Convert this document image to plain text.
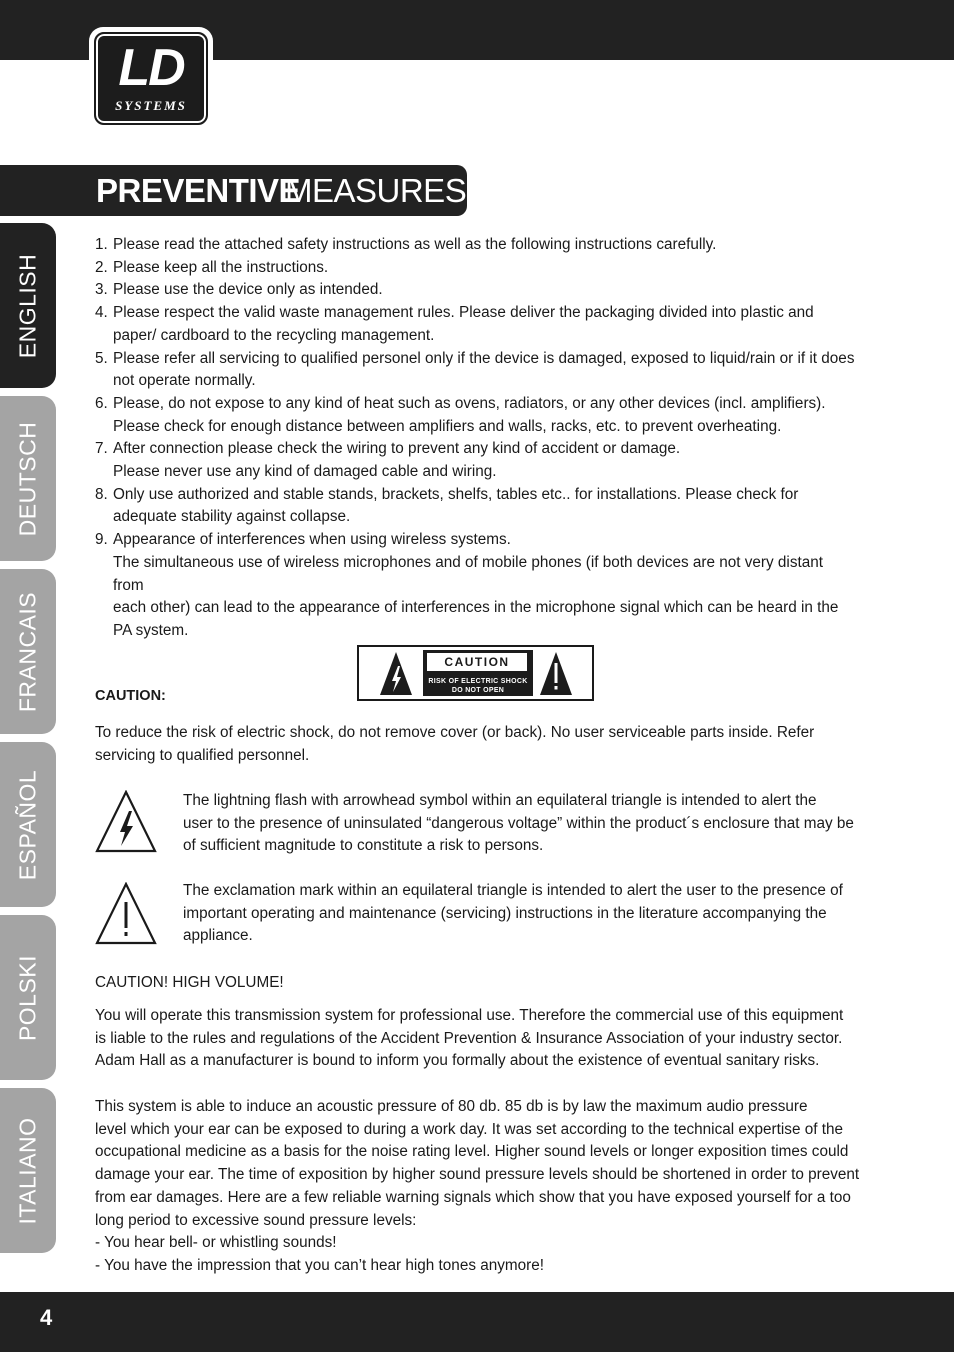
LD
SYSTEMS
PREVENTIVE
MEASURES:
ENGLISH
DEUTSCH
FRANCAIS
ESPAÑOL
POLSKI
ITALIANO
1. Please read the attached safety instructions as well as the following instructions carefully.
2. Please keep all the instructions.
3. Please use the device only as intended.
4. Please respect the valid waste management rules. Please deliver the packaging divided into plastic and
paper/ cardboard to the recycling management.
5. Please refer all servicing to qualified personel only if the device is damaged, exposed to liquid/rain or if it does
not operate normally.
6. Please, do not expose to any kind of heat such as ovens, radiators, or any other devices (incl. amplifiers).
Please check for enough distance between amplifiers and walls, racks, etc. to prevent overheating.
7. After connection please check the wiring to prevent any kind of accident or damage.
Please never use any kind of damaged cable and wiring.
8. Only use authorized and stable stands, brackets, shelfs, tables etc.. for installations. Please check for
adequate stability against collapse.
9. Appearance of interferences when using wireless systems.
The simultaneous use of wireless microphones and of mobile phones (if both devices are not very distant from
each other) can lead to the appearance of interferences in the microphone signal which can be heard in the
PA system.
CAUTION
RISK OF ELECTRIC SHOCK
DO NOT OPEN
CAUTION:
To reduce the risk of electric shock, do not remove cover (or back). No user serviceable parts inside. Refer
servicing to qualified personnel.
The lightning flash with arrowhead symbol within an equilateral triangle is intended to alert the
user to the presence of uninsulated “dangerous voltage” within the product´s enclosure that may be
of sufficient magnitude to constitute a risk to persons.
The exclamation mark within an equilateral triangle is intended to alert the user to the presence of
important operating and maintenance (servicing) instructions in the literature accompanying the
appliance.
CAUTION! HIGH VOLUME!
You will operate this transmission system for professional use. Therefore the commercial use of this equipment
is liable to the rules and regulations of the Accident Prevention & Insurance Association of your industry sector.
Adam Hall as a manufacturer is bound to inform you formally about the existence of eventual sanitary risks.
This system is able to induce an acoustic pressure of 80 db. 85 db is by law the maximum audio pressure
level which your ear can be exposed to during a work day. It was set according to the technical expertise of the
occupational medicine as a basis for the noise rating level. Higher sound levels or longer exposition times could
damage your ear. The time of exposition by higher sound pressure levels should be shortened in order to prevent
from ear damages. Here are a few reliable warning signals which show that you have exposed yourself for a too
long period to excessive sound pressure levels:
- You hear bell- or whistling sounds!
- You have the impression that you can’t hear high tones anymore!
4
